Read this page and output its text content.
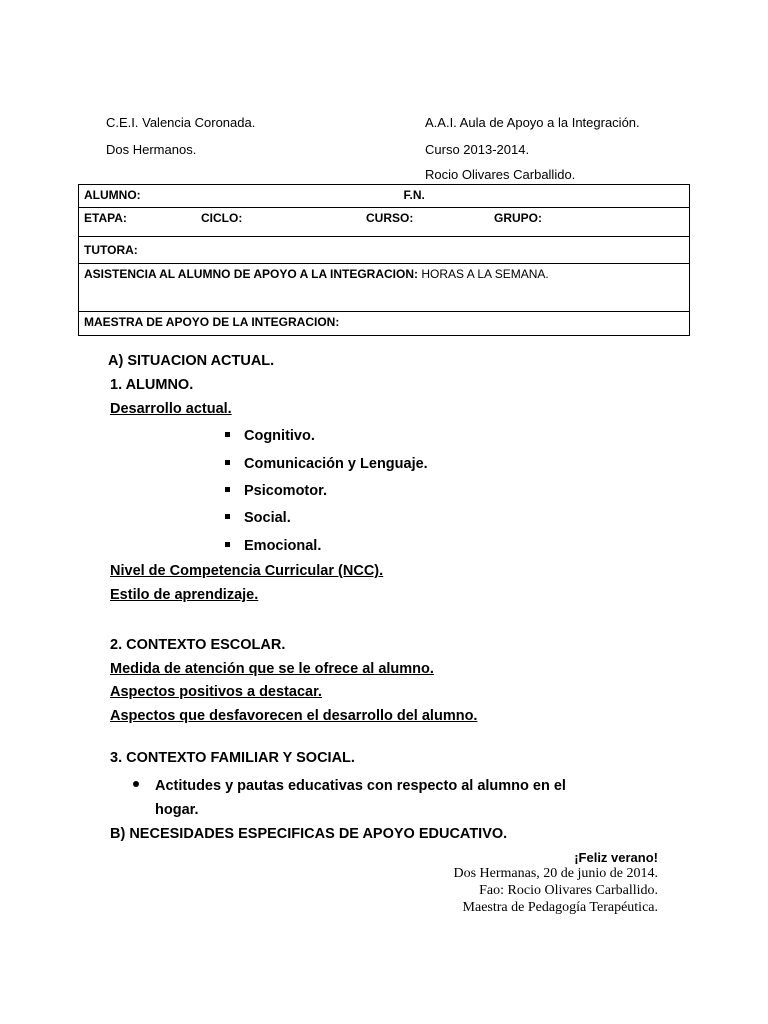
C.E.I. Valencia Coronada.
Dos Hermanos.
A.A.I. Aula de Apoyo a la Integración.
Curso 2013-2014.
Rocio Olivares Carballido.
ALUMNO:	F.N.

ETAPA:	CICLO:	CURSO:	GRUPO:

TUTORA:
ASISTENCIA AL ALUMNO DE APOYO A LA INTEGRACION: HORAS A LA SEMANA.
MAESTRA DE APOYO DE LA INTEGRACION:
A) SITUACION ACTUAL.
1. ALUMNO.
Desarrollo actual.
Cognitivo.
Comunicación y Lenguaje.
Psicomotor.
Social.
Emocional.
Nivel de Competencia Curricular (NCC).
Estilo de aprendizaje.
2. CONTEXTO ESCOLAR.
Medida de atención que se le ofrece al alumno.
Aspectos positivos a destacar.
Aspectos que desfavorecen el desarrollo del alumno.
3. CONTEXTO FAMILIAR Y SOCIAL.
Actitudes y pautas educativas con respecto al alumno en el
hogar.
B) NECESIDADES ESPECIFICAS DE APOYO EDUCATIVO.
¡Feliz verano!
Dos Hermanas, 20 de junio de 2014.
Fao: Rocio Olivares Carballido.
Maestra de Pedagogía Terapéutica.
